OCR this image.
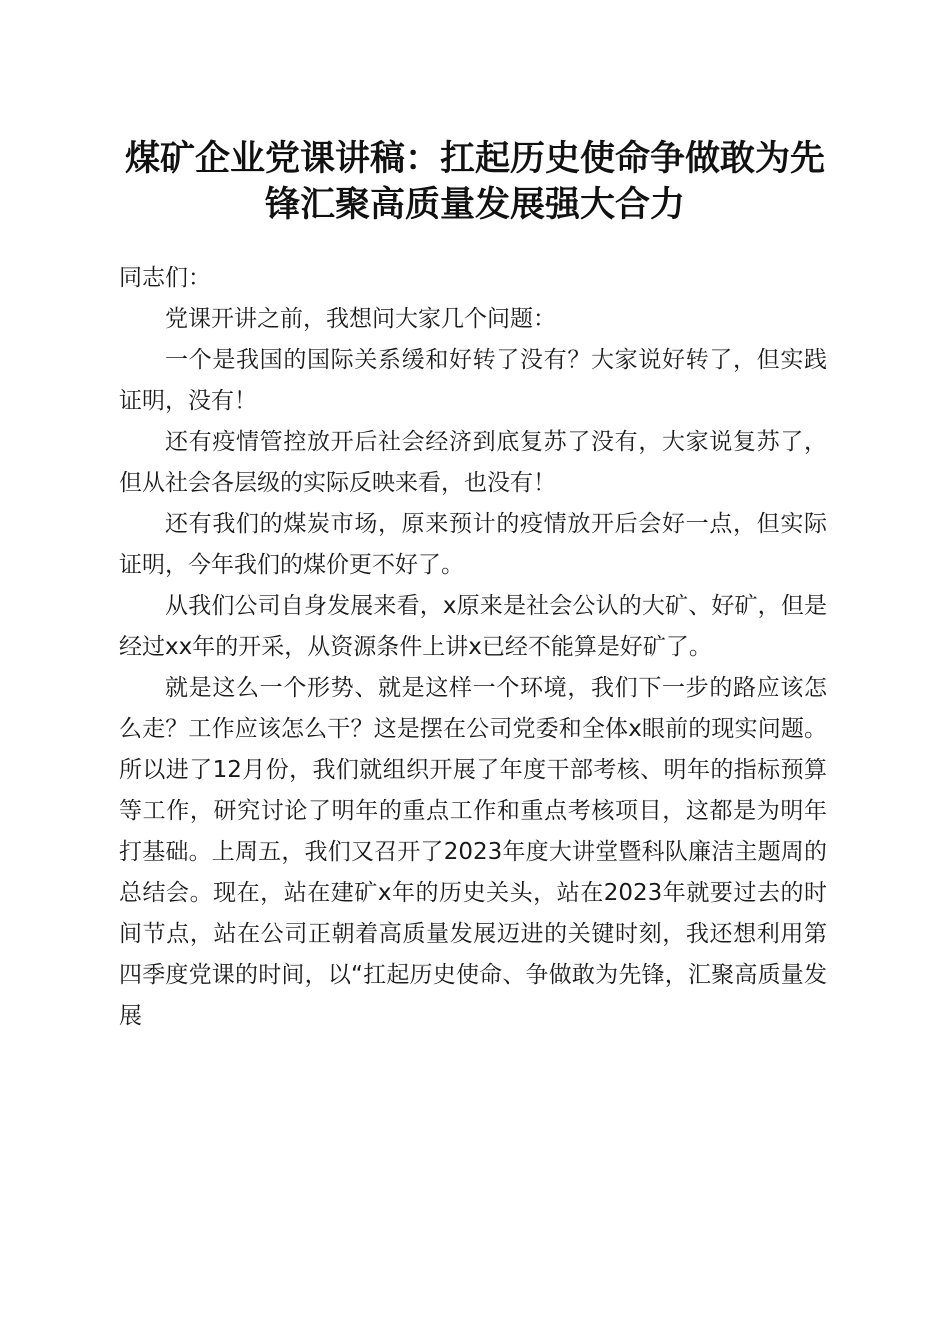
煤矿企业党课讲稿：扛起历史使命争做敢为先
锋汇聚高质量发展强大合力

同志们：

党课开讲之前，我想问大家几个问题：

一个是我国的国际关系缓和好转了没有？大家说好转了，但实践证明，没有！

还有疫情管控放开后社会经济到底复苏了没有，大家说复苏了，但从社会各层级的实际反映来看，也没有！

还有我们的煤炭市场，原来预计的疫情放开后会好一点，但实际证明，今年我们的煤价更不好了。

从我们公司自身发展来看，x原来是社会公认的大矿、好矿，但是经过xx年的开采，从资源条件上讲x已经不能算是好矿了。

就是这么一个形势、就是这样一个环境，我们下一步的路应该怎么走？工作应该怎么干？这是摆在公司党委和全体x眼前的现实问题。所以进了12月份，我们就组织开展了年度干部考核、明年的指标预算等工作，研究讨论了明年的重点工作和重点考核项目，这都是为明年打基础。上周五，我们又召开了2023年度大讲堂暨科队廉洁主题周的总结会。现在，站在建矿x年的历史关头，站在2023年就要过去的时间节点，站在公司正朝着高质量发展迈进的关键时刻，我还想利用第四季度党课的时间，以“扛起历史使命、争做敢为先锋，汇聚高质量发展
